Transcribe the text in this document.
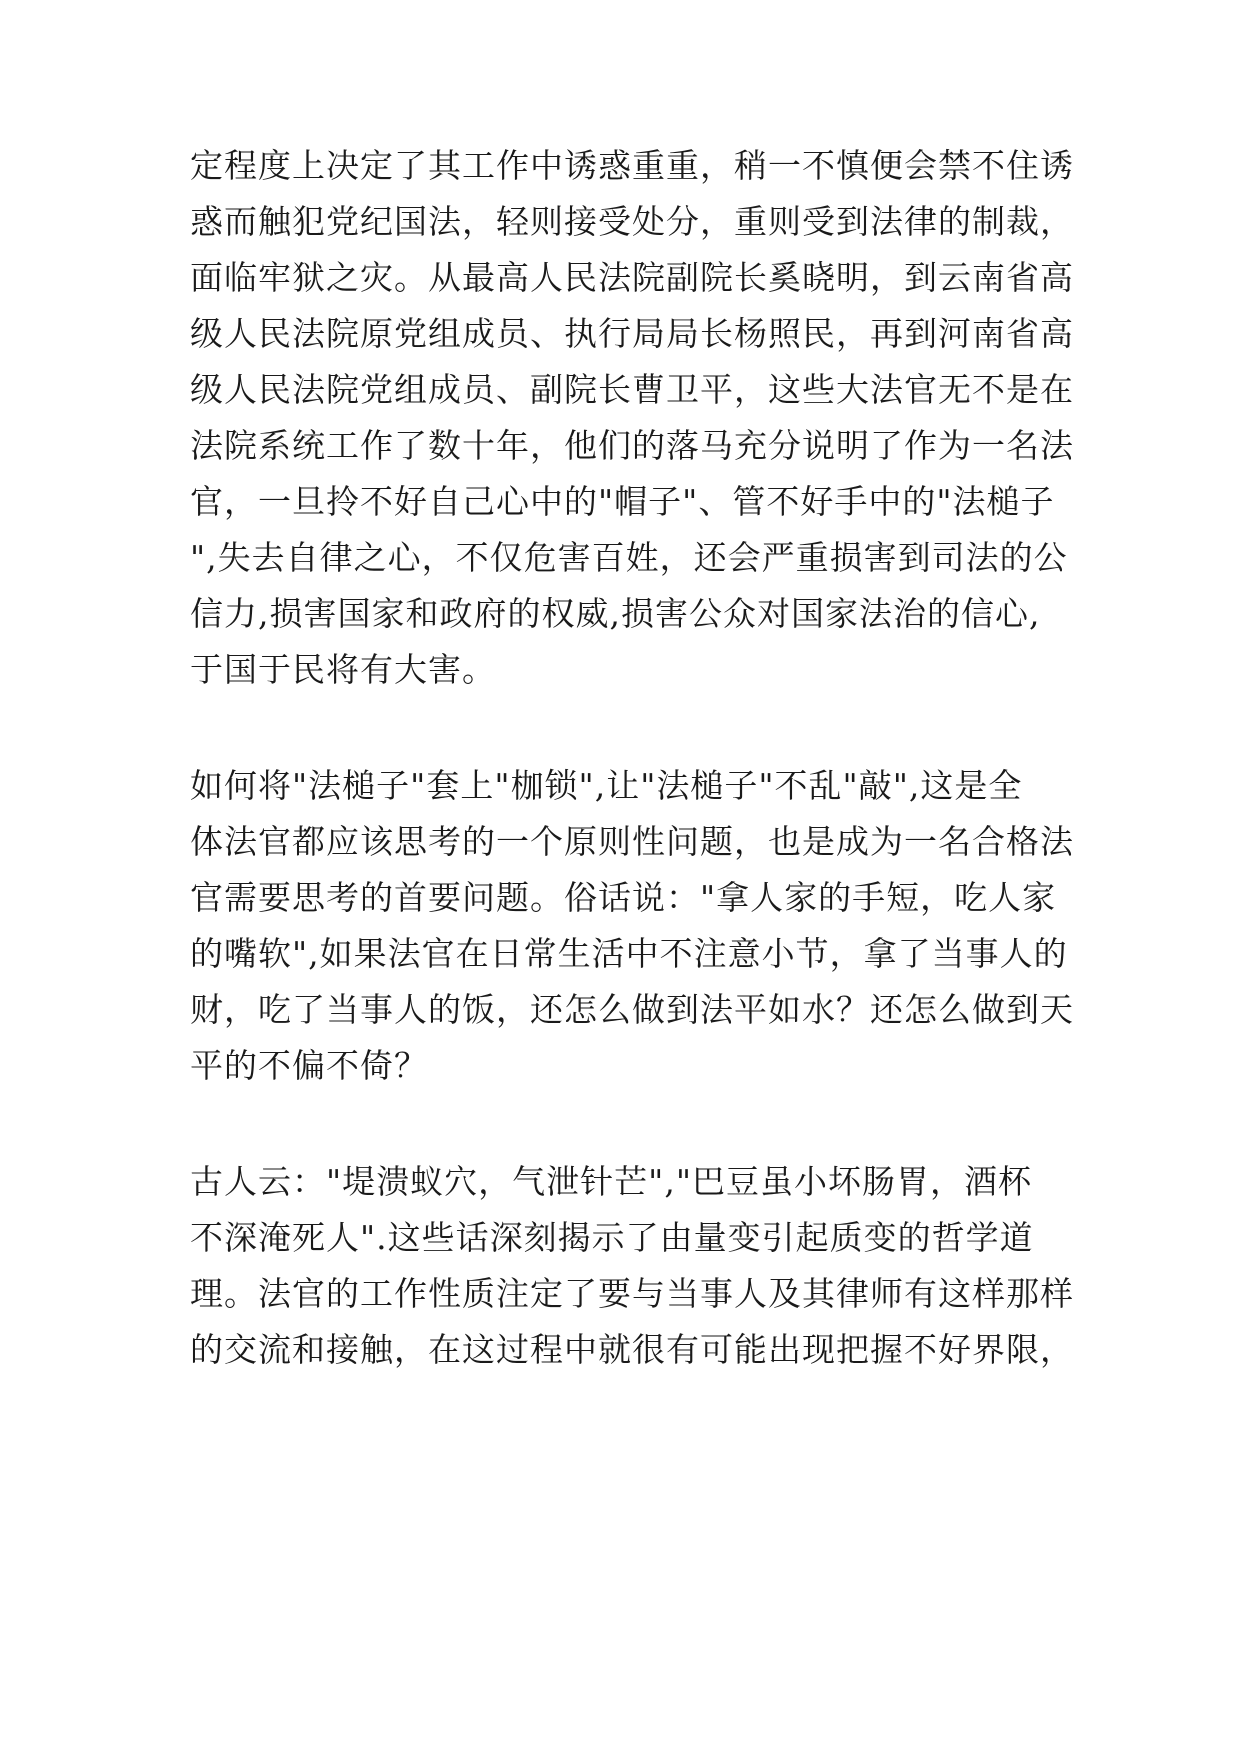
定程度上决定了其工作中诱惑重重，稍一不慎便会禁不住诱
惑而触犯党纪国法，轻则接受处分，重则受到法律的制裁，
面临牢狱之灾。从最高人民法院副院长奚晓明，到云南省高
级人民法院原党组成员、执行局局长杨照民，再到河南省高
级人民法院党组成员、副院长曹卫平，这些大法官无不是在
法院系统工作了数十年，他们的落马充分说明了作为一名法
官，一旦拎不好自己心中的"帽子"、管不好手中的"法槌子
",失去自律之心，不仅危害百姓，还会严重损害到司法的公
信力,损害国家和政府的权威,损害公众对国家法治的信心,
于国于民将有大害。
如何将"法槌子"套上"枷锁",让"法槌子"不乱"敲",这是全
体法官都应该思考的一个原则性问题，也是成为一名合格法
官需要思考的首要问题。俗话说："拿人家的手短，吃人家
的嘴软",如果法官在日常生活中不注意小节，拿了当事人的
财，吃了当事人的饭，还怎么做到法平如水？还怎么做到天
平的不偏不倚？
古人云："堤溃蚁穴，气泄针芒","巴豆虽小坏肠胃，酒杯
不深淹死人".这些话深刻揭示了由量变引起质变的哲学道
理。法官的工作性质注定了要与当事人及其律师有这样那样
的交流和接触，在这过程中就很有可能出现把握不好界限，
